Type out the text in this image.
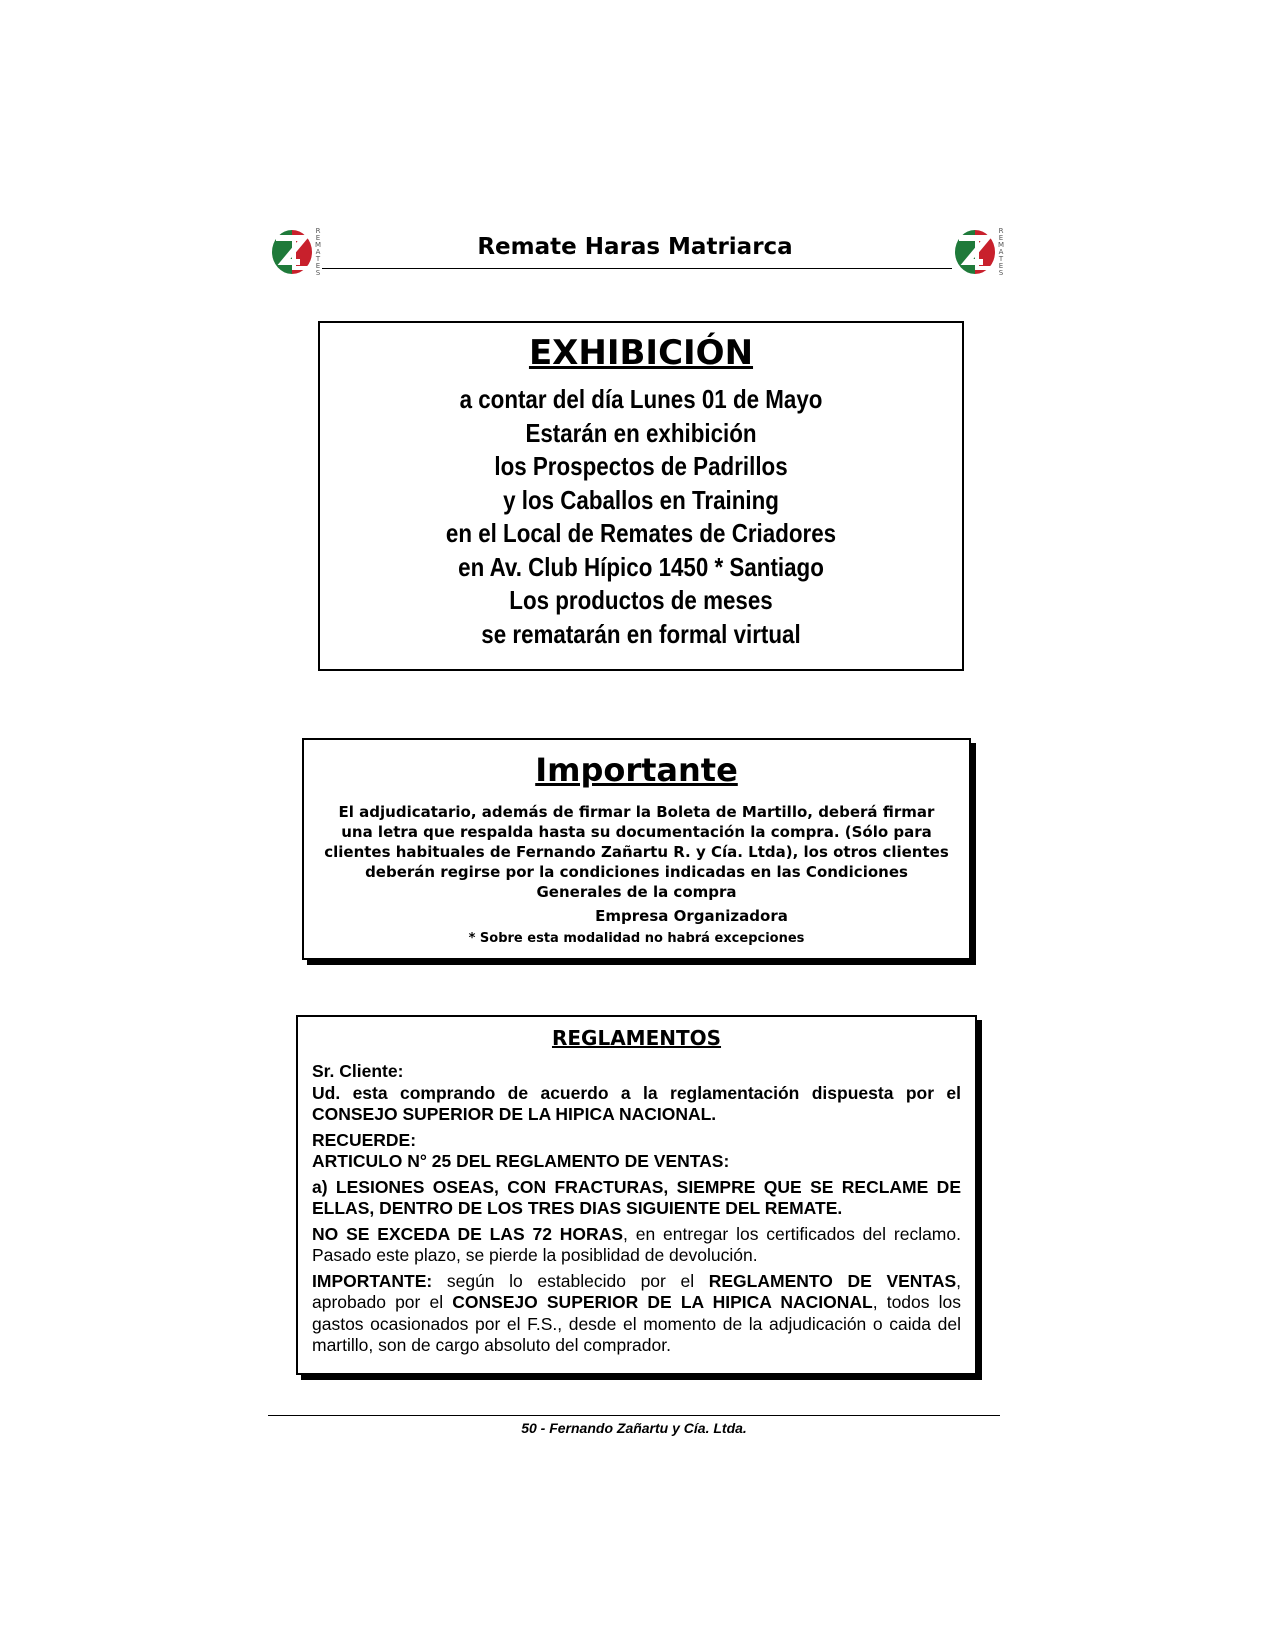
R
E
M
A
T
E
S
Remate Haras Matriarca
R
E
M
A
T
E
S
EXHIBICIÓN
a contar del día Lunes 01 de Mayo
Estarán en exhibición
los Prospectos de Padrillos
y los Caballos en Training
en el Local de Remates de Criadores
en Av. Club Hípico 1450 * Santiago
Los productos de meses
se rematarán en formal virtual
Importante
El adjudicatario, además de firmar la Boleta de Martillo, deberá firmar una letra que respalda hasta su documentación la compra. (Sólo para clientes habituales de Fernando Zañartu R. y Cía. Ltda), los otros clientes deberán regirse por la condiciones indicadas en las Condiciones Generales de la compra
Empresa Organizadora
* Sobre esta modalidad no habrá excepciones
REGLAMENTOS

Sr. Cliente:

Ud. esta comprando de acuerdo a la reglamentación dispuesta por el CONSEJO SUPERIOR DE LA HIPICA NACIONAL.

RECUERDE:

ARTICULO N° 25 DEL REGLAMENTO DE VENTAS:

a) LESIONES OSEAS, CON FRACTURAS, SIEMPRE QUE SE RECLAME DE ELLAS, DENTRO DE LOS TRES DIAS SIGUIENTE DEL REMATE.

NO SE EXCEDA DE LAS 72 HORAS, en entregar los certificados del reclamo. Pasado este plazo, se pierde la posiblidad de devolución.

IMPORTANTE: según lo establecido por el REGLAMENTO DE VENTAS, aprobado por el CONSEJO SUPERIOR DE LA HIPICA NACIONAL, todos los gastos ocasionados por el F.S., desde el momento de la adjudicación o caida del martillo, son de cargo absoluto del comprador.

50 - Fernando Zañartu y Cía. Ltda.
